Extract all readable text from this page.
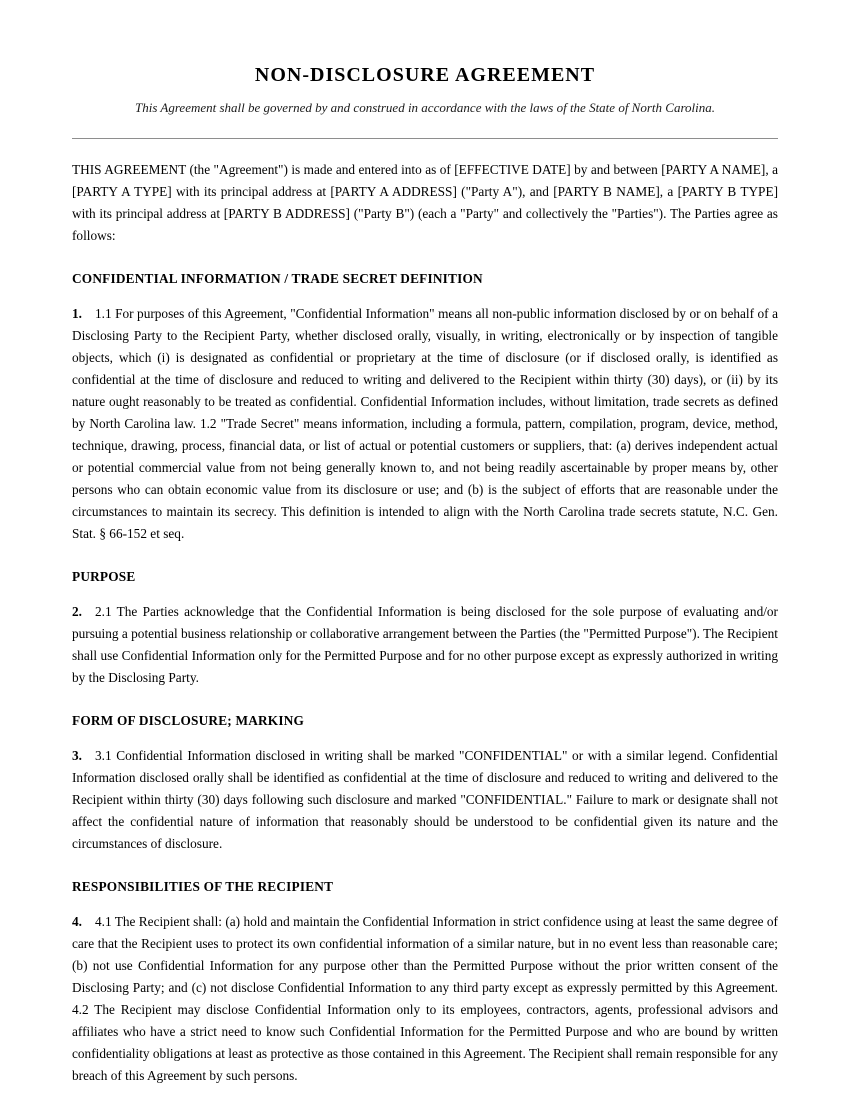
NON-DISCLOSURE AGREEMENT

This Agreement shall be governed by and construed in accordance with the laws of the State of North Carolina.

THIS AGREEMENT (the "Agreement") is made and entered into as of [EFFECTIVE DATE] by and between [PARTY A NAME], a [PARTY A TYPE] with its principal address at [PARTY A ADDRESS] ("Party A"), and [PARTY B NAME], a [PARTY B TYPE] with its principal address at [PARTY B ADDRESS] ("Party B") (each a "Party" and collectively the "Parties"). The Parties agree as follows:

CONFIDENTIAL INFORMATION / TRADE SECRET DEFINITION

1. 1.1 For purposes of this Agreement, "Confidential Information" means all non-public information disclosed by or on behalf of a Disclosing Party to the Recipient Party, whether disclosed orally, visually, in writing, electronically or by inspection of tangible objects, which (i) is designated as confidential or proprietary at the time of disclosure (or if disclosed orally, is identified as confidential at the time of disclosure and reduced to writing and delivered to the Recipient within thirty (30) days), or (ii) by its nature ought reasonably to be treated as confidential. Confidential Information includes, without limitation, trade secrets as defined by North Carolina law. 1.2 "Trade Secret" means information, including a formula, pattern, compilation, program, device, method, technique, drawing, process, financial data, or list of actual or potential customers or suppliers, that: (a) derives independent actual or potential commercial value from not being generally known to, and not being readily ascertainable by proper means by, other persons who can obtain economic value from its disclosure or use; and (b) is the subject of efforts that are reasonable under the circumstances to maintain its secrecy. This definition is intended to align with the North Carolina trade secrets statute, N.C. Gen. Stat. § 66-152 et seq.

PURPOSE

2. 2.1 The Parties acknowledge that the Confidential Information is being disclosed for the sole purpose of evaluating and/or pursuing a potential business relationship or collaborative arrangement between the Parties (the "Permitted Purpose"). The Recipient shall use Confidential Information only for the Permitted Purpose and for no other purpose except as expressly authorized in writing by the Disclosing Party.

FORM OF DISCLOSURE; MARKING

3. 3.1 Confidential Information disclosed in writing shall be marked "CONFIDENTIAL" or with a similar legend. Confidential Information disclosed orally shall be identified as confidential at the time of disclosure and reduced to writing and delivered to the Recipient within thirty (30) days following such disclosure and marked "CONFIDENTIAL." Failure to mark or designate shall not affect the confidential nature of information that reasonably should be understood to be confidential given its nature and the circumstances of disclosure.

RESPONSIBILITIES OF THE RECIPIENT

4. 4.1 The Recipient shall: (a) hold and maintain the Confidential Information in strict confidence using at least the same degree of care that the Recipient uses to protect its own confidential information of a similar nature, but in no event less than reasonable care; (b) not use Confidential Information for any purpose other than the Permitted Purpose without the prior written consent of the Disclosing Party; and (c) not disclose Confidential Information to any third party except as expressly permitted by this Agreement. 4.2 The Recipient may disclose Confidential Information only to its employees, contractors, agents, professional advisors and affiliates who have a strict need to know such Confidential Information for the Permitted Purpose and who are bound by written confidentiality obligations at least as protective as those contained in this Agreement. The Recipient shall remain responsible for any breach of this Agreement by such persons.
